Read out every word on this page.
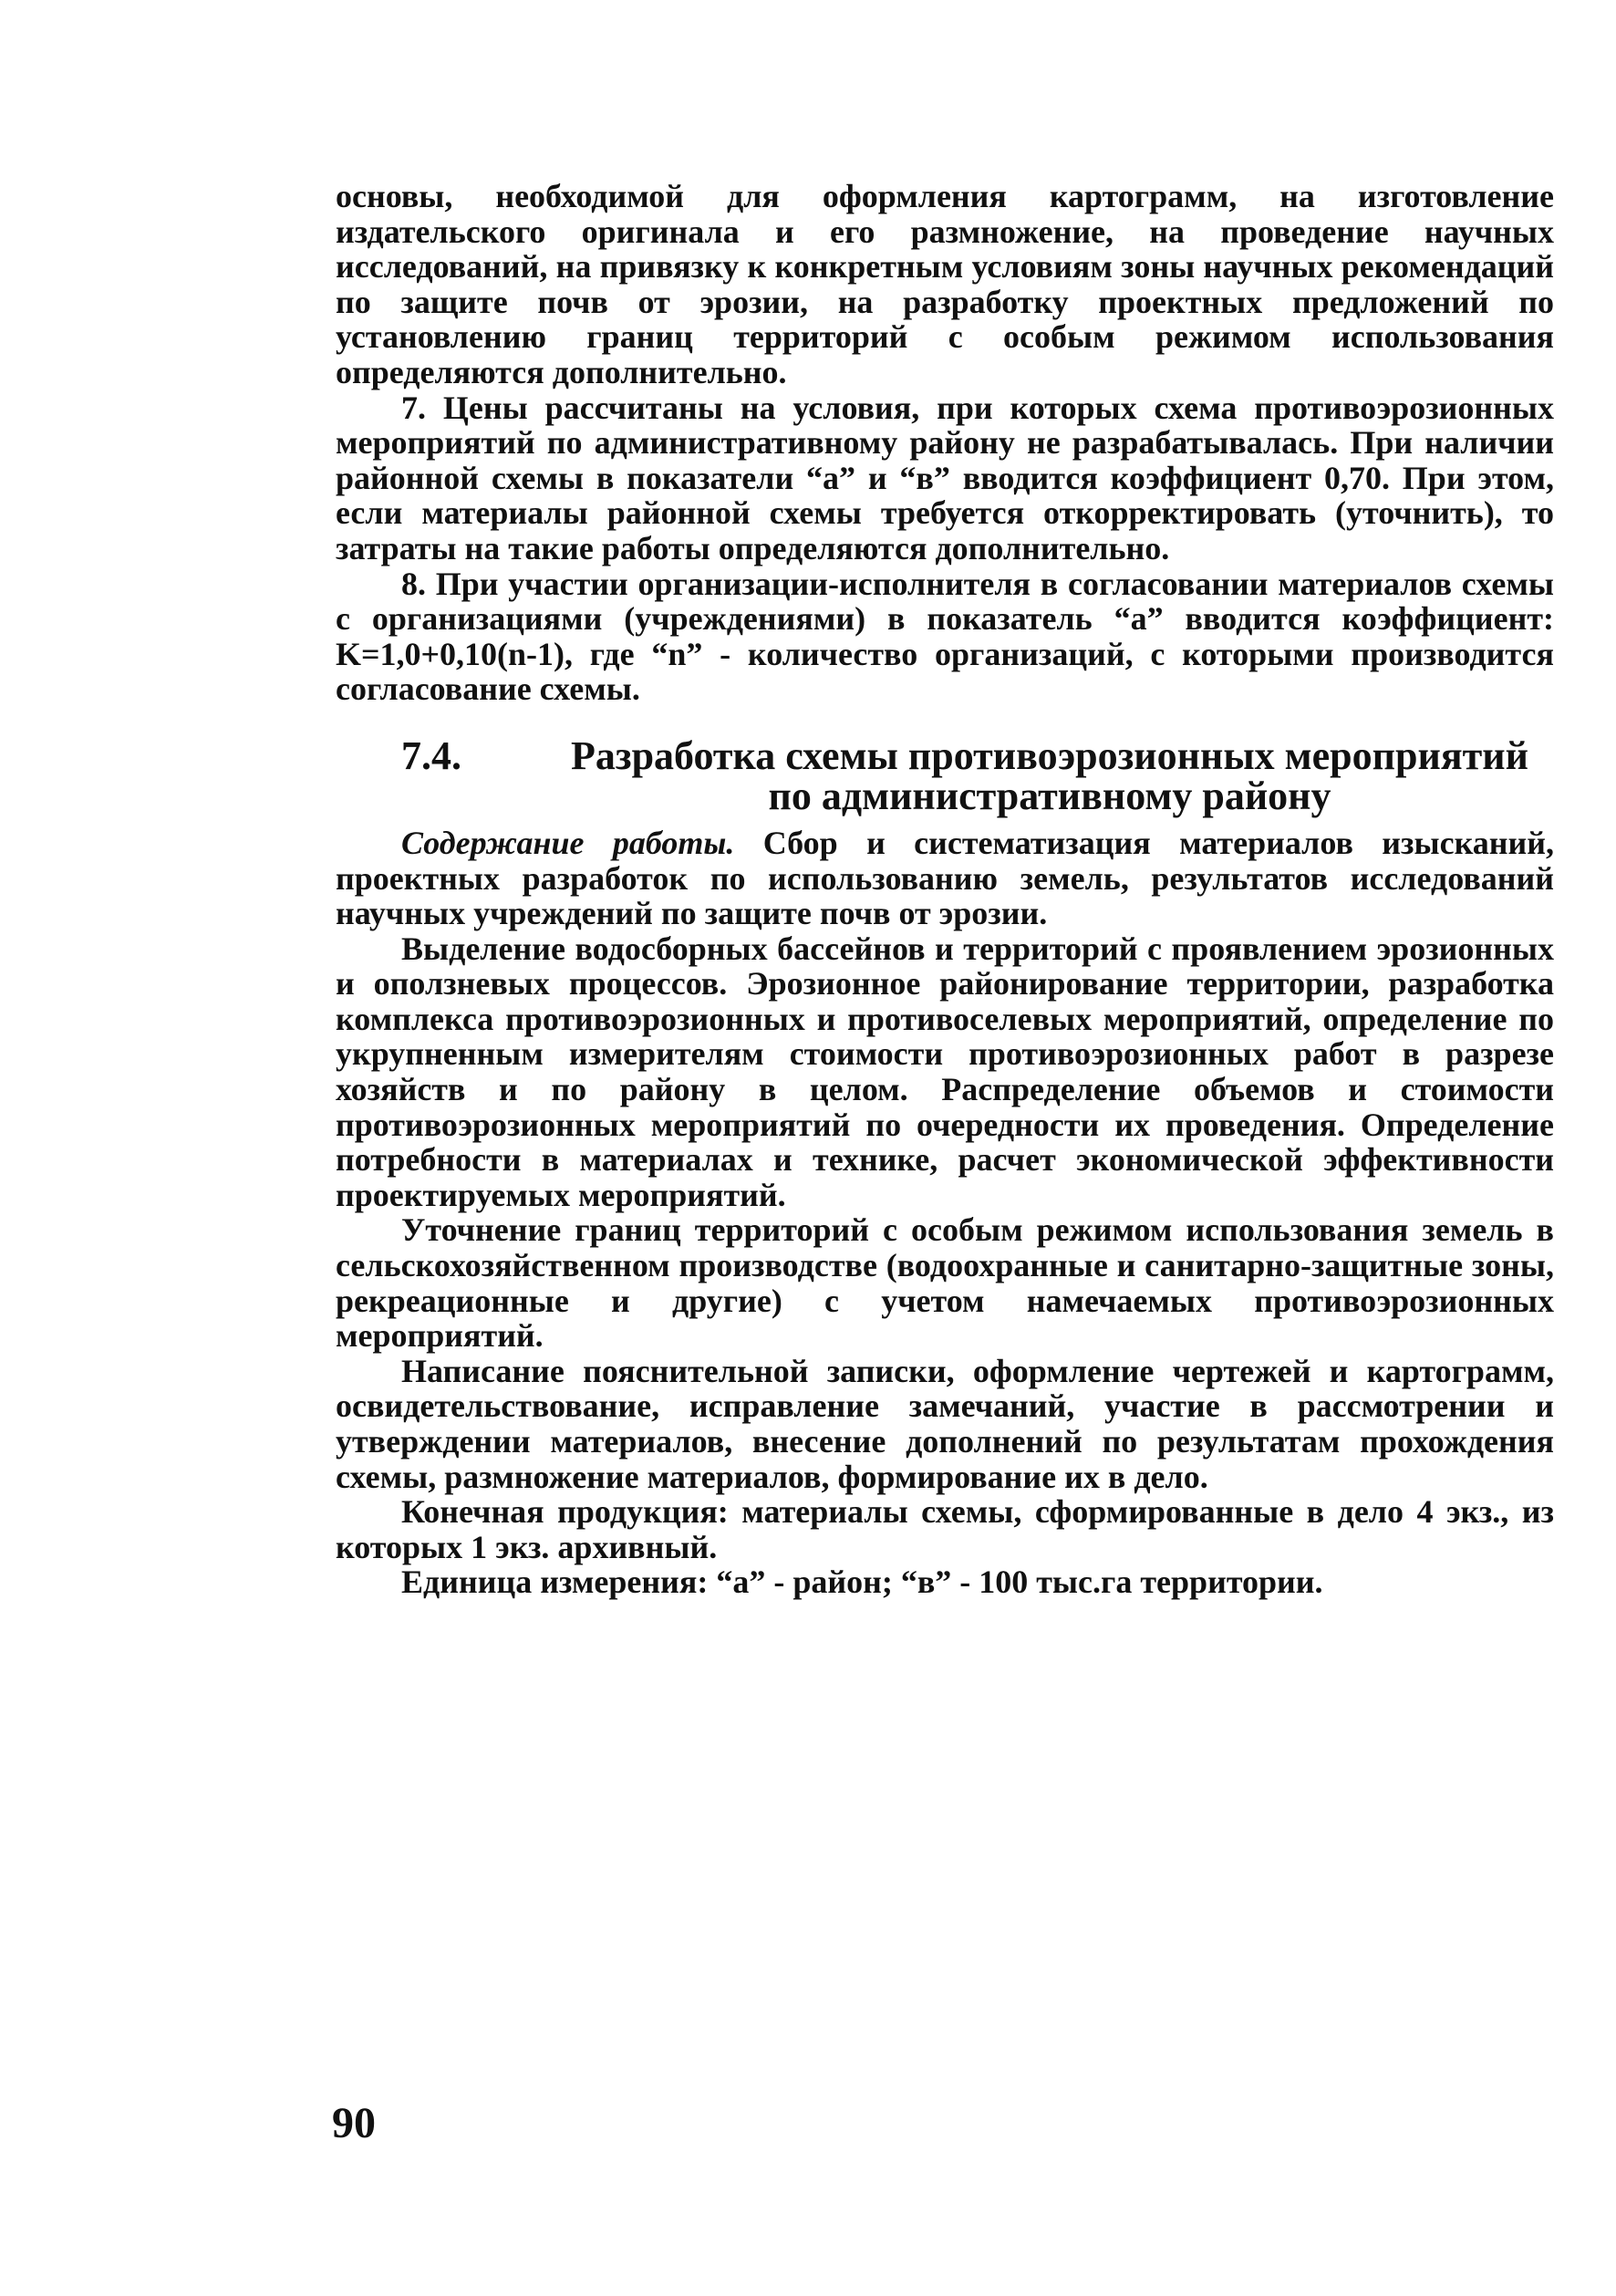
основы, необходимой для оформления картограмм, на изготовление издательского оригинала и его размножение, на проведение научных исследований, на привязку к конкретным условиям зоны научных рекомендаций по защите почв от эрозии, на разработку проектных предложений по установлению границ территорий с особым режимом использования определяются дополнительно.

7. Цены рассчитаны на условия, при которых схема противоэрозионных мероприятий по административному району не разрабатывалась. При наличии районной схемы в показатели “а” и “в” вводится коэффициент 0,70. При этом, если материалы районной схемы требуется откорректировать (уточнить), то затраты на такие работы определяются дополнительно.

8. При участии организации-исполнителя в согласовании материалов схемы с организациями (учреждениями) в показатель “а” вводится коэффициент: K=1,0+0,10(n-1), где “n” - количество организаций, с которыми производится согласование схемы.

7.4.	Разработка схемы противоэрозионных мероприятий по административному району

Содержание работы. Сбор и систематизация материалов изысканий, проектных разработок по использованию земель, результатов исследований научных учреждений по защите почв от эрозии.

Выделение водосборных бассейнов и территорий с проявлением эрозионных и оползневых процессов. Эрозионное районирование территории, разработка комплекса противоэрозионных и противоселевых мероприятий, определение по укрупненным измерителям стоимости противоэрозионных работ в разрезе хозяйств и по району в целом. Распределение объемов и стоимости противоэрозионных мероприятий по очередности их проведения. Определение потребности в материалах и технике, расчет экономической эффективности проектируемых мероприятий.

Уточнение границ территорий с особым режимом использования земель в сельскохозяйственном производстве (водоохранные и санитарно-защитные зоны, рекреационные и другие) с учетом намечаемых противоэрозионных мероприятий.

Написание пояснительной записки, оформление чертежей и картограмм, освидетельствование, исправление замечаний, участие в рассмотрении и утверждении материалов, внесение дополнений по результатам прохождения схемы, размножение материалов, формирование их в дело.

Конечная продукция: материалы схемы, сформированные в дело 4 экз., из которых 1 экз. архивный.

Единица измерения: “а” - район; “в” - 100 тыс.га территории.

90
